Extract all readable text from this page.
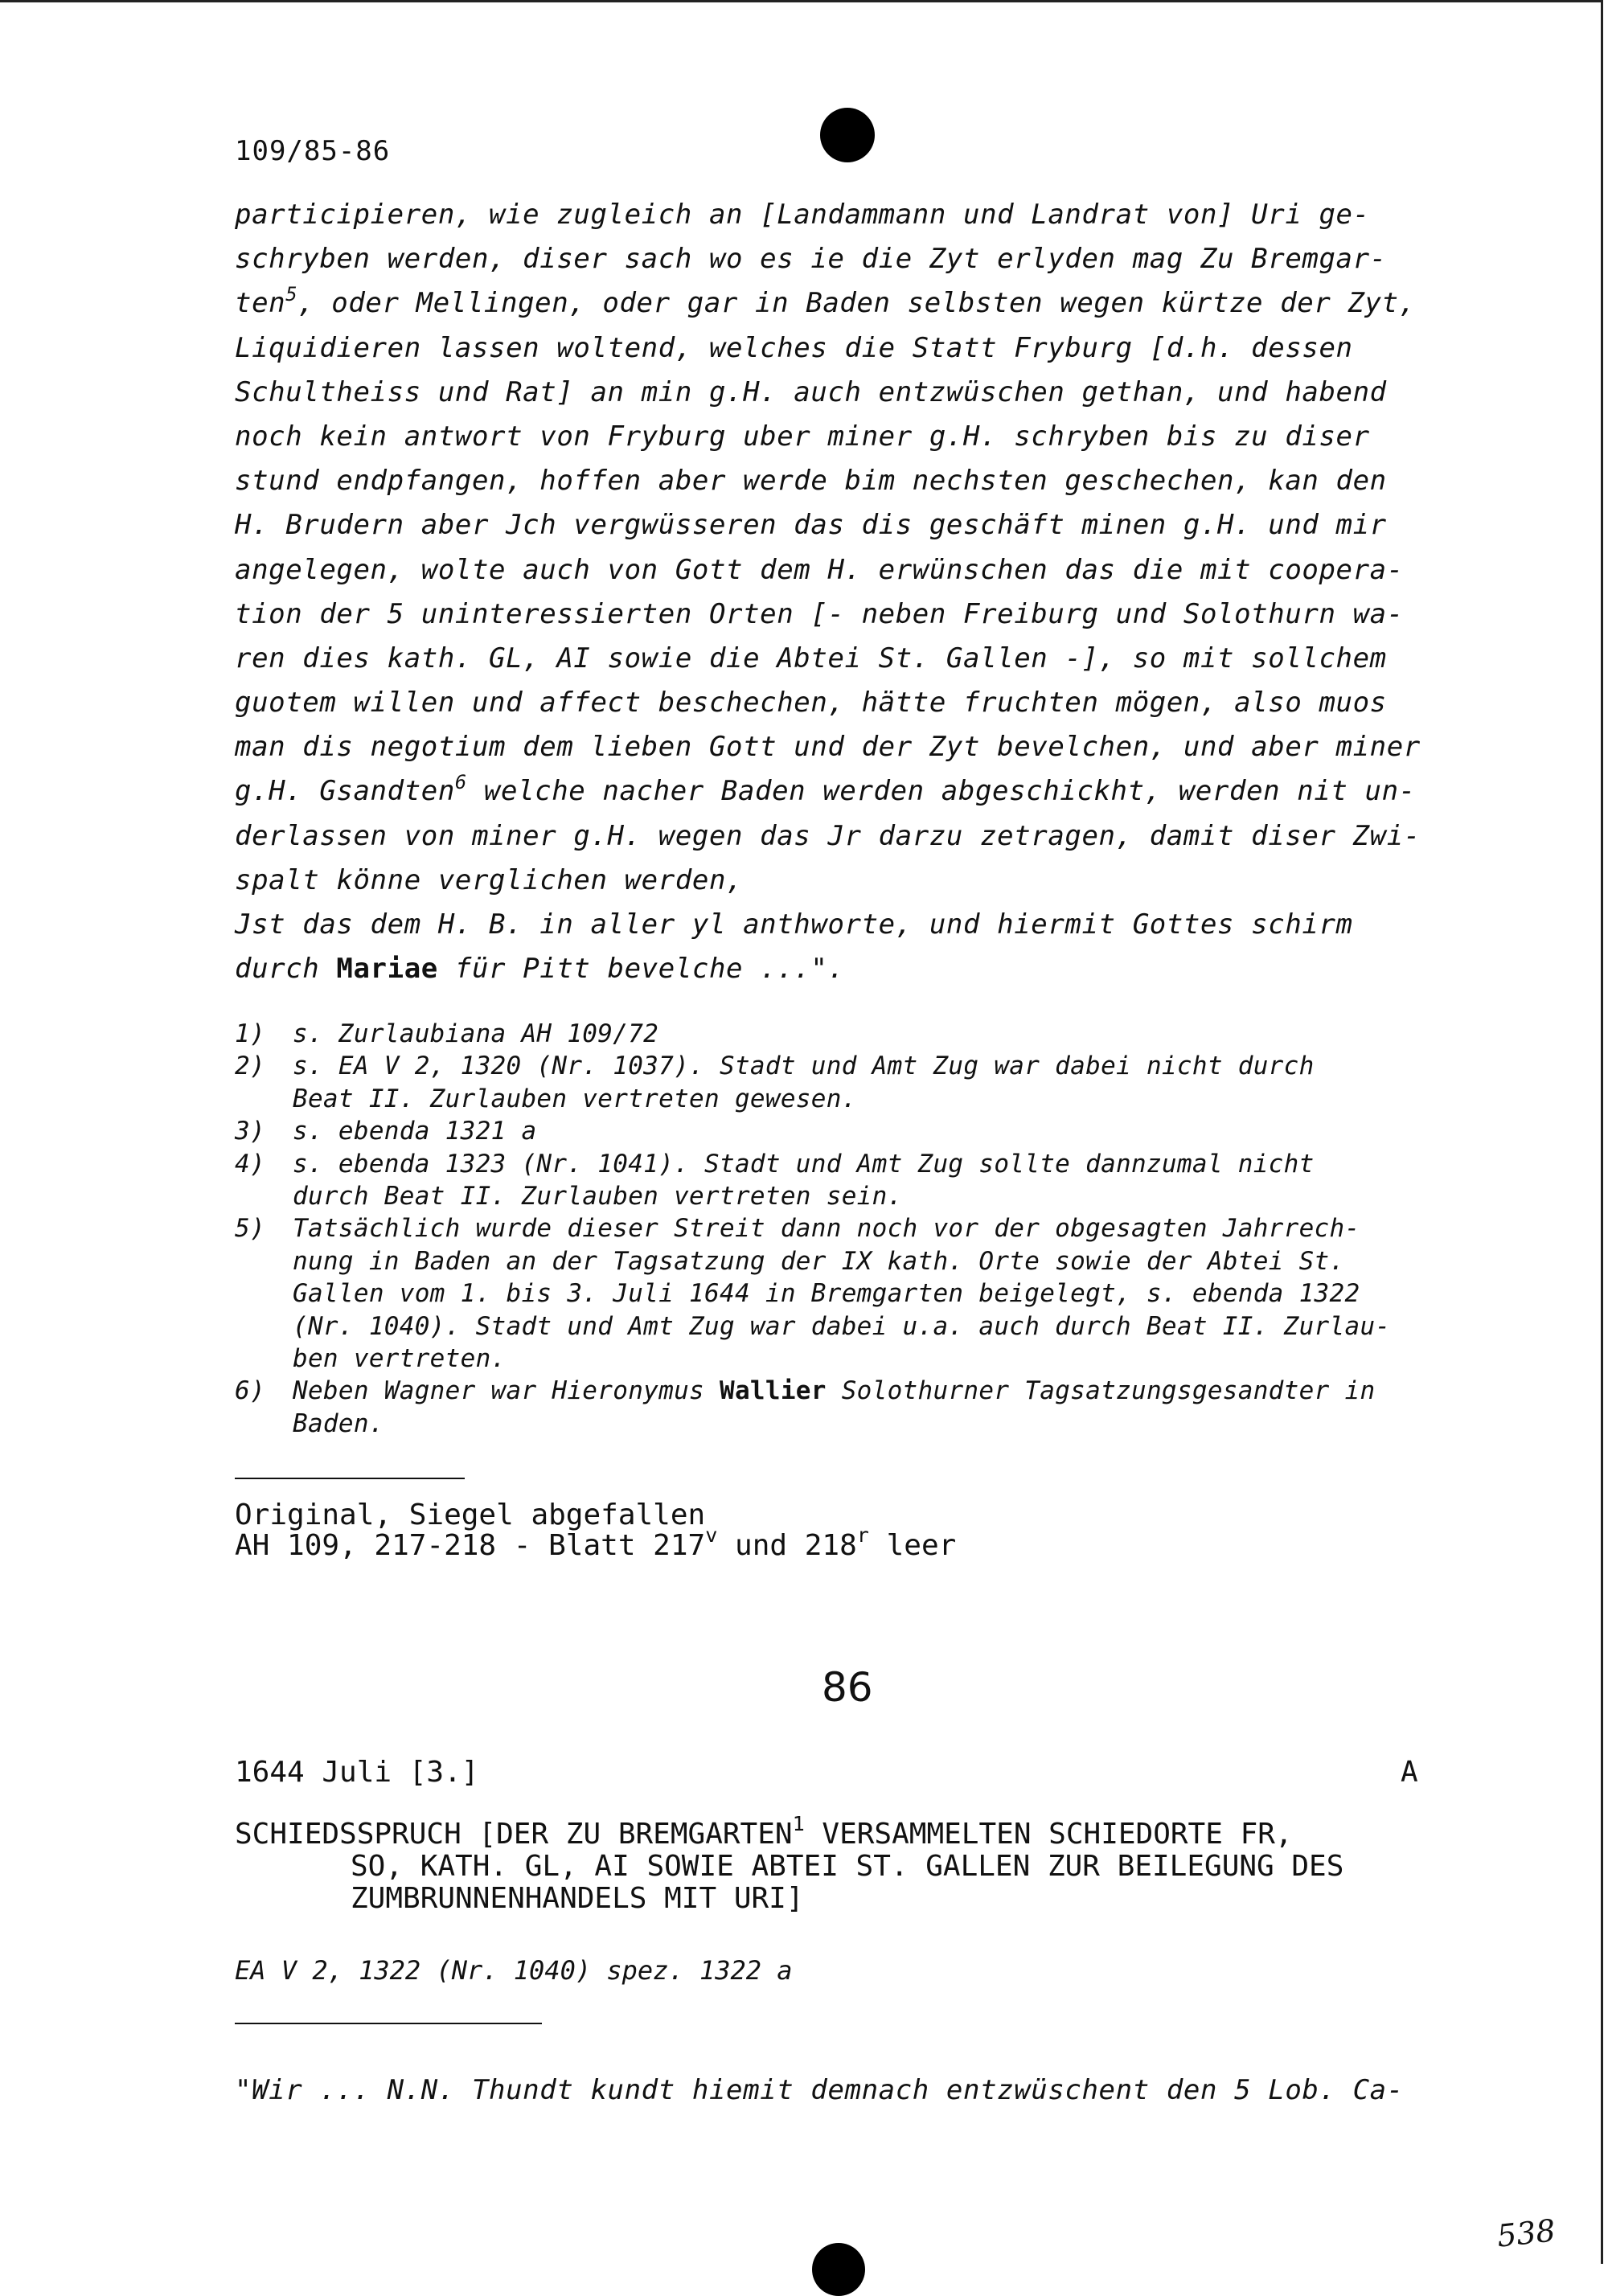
109/85-86
participieren, wie zugleich an [Landammann und Landrat von] Uri ge-
schryben werden, diser sach wo es ie die Zyt erlyden mag Zu Bremgar-
ten$^5$, oder Mellingen, oder gar in Baden selbsten wegen kürtze der Zyt,
Liquidieren lassen woltend, welches die Statt Fryburg [d.h. dessen
Schultheiss und Rat] an min g.H. auch entzwüschen gethan, und habend
noch kein antwort von Fryburg uber miner g.H. schryben bis zu diser
stund endpfangen, hoffen aber werde bim nechsten geschechen, kan den
H. Brudern aber Jch vergwüsseren das dis geschäft minen g.H. und mir
angelegen, wolte auch von Gott dem H. erwünschen das die mit coopera-
tion der 5 uninteressierten Orten [- neben Freiburg und Solothurn wa-
ren dies kath. GL, AI sowie die Abtei St. Gallen -], so mit sollchem
guotem willen und affect beschechen, hätte fruchten mögen, also muos
man dis negotium dem lieben Gott und der Zyt bevelchen, und aber miner
g.H. Gsandten$^6$ welche nacher Baden werden abgeschickht, werden nit un-
derlassen von miner g.H. wegen das Jr darzu zetragen, damit diser Zwi-
spalt könne verglichen werden,
Jst das dem H. B. in aller yl anthworte, und hiermit Gottes schirm
durch Mariae für Pitt bevelche ...".
1) s. Zurlaubiana AH 109/72
2) s. EA V 2, 1320 (Nr. 1037). Stadt und Amt Zug war dabei nicht durch
Beat II. Zurlauben vertreten gewesen.
3) s. ebenda 1321 a
4) s. ebenda 1323 (Nr. 1041). Stadt und Amt Zug sollte dannzumal nicht
durch Beat II. Zurlauben vertreten sein.
5) Tatsächlich wurde dieser Streit dann noch vor der obgesagten Jahrrech-
nung in Baden an der Tagsatzung der IX kath. Orte sowie der Abtei St.
Gallen vom 1. bis 3. Juli 1644 in Bremgarten beigelegt, s. ebenda 1322
(Nr. 1040). Stadt und Amt Zug war dabei u.a. auch durch Beat II. Zurlau-
ben vertreten.
6) Neben Wagner war Hieronymus Wallier Solothurner Tagsatzungsgesandter in
Baden.
Original, Siegel abgefallen
AH 109, 217-218 - Blatt 217$^v$ und 218$^r$ leer
86
1644 Juli [3.]	A
SCHIEDSSPRUCH [DER ZU BREMGARTEN$^1$ VERSAMMELTEN SCHIEDORTE FR,
SO, KATH. GL, AI SOWIE ABTEI ST. GALLEN ZUR BEILEGUNG DES
ZUMBRUNNENHANDELS MIT URI]
EA V 2, 1322 (Nr. 1040) spez. 1322 a
"Wir ... N.N. Thundt kundt hiemit demnach entzwüschent den 5 Lob. Ca-
538
